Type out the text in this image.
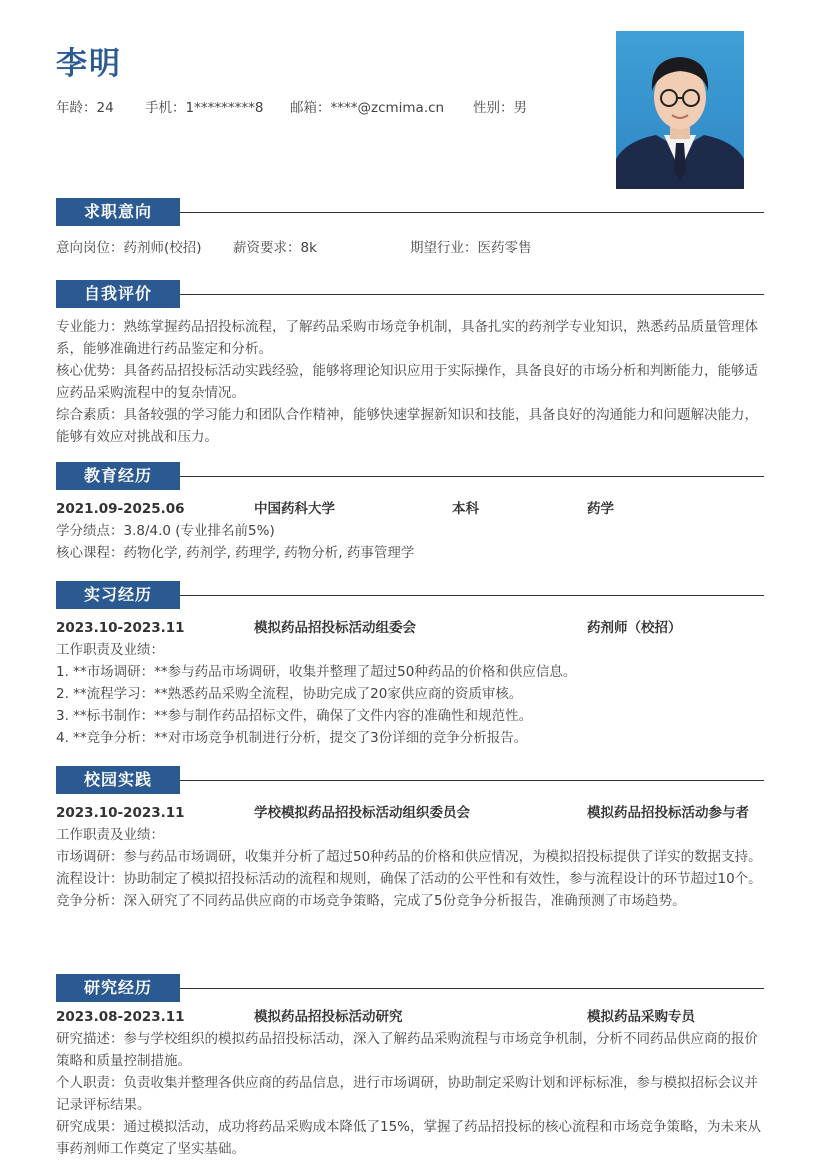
李明
年龄：24 手机：1*********8 邮箱：****@zcmima.cn 性别：男
求职意向
意向岗位：药剂师(校招) 薪资要求：8k	期望行业：医药零售
自我评价

专业能力：熟练掌握药品招投标流程，了解药品采购市场竞争机制，具备扎实的药剂学专业知识，熟悉药品质量管理体系，能够准确进行药品鉴定和分析。

核心优势：具备药品招投标活动实践经验，能够将理论知识应用于实际操作，具备良好的市场分析和判断能力，能够适应药品采购流程中的复杂情况。

综合素质：具备较强的学习能力和团队合作精神，能够快速掌握新知识和技能，具备良好的沟通能力和问题解决能力，能够有效应对挑战和压力。

教育经历
2021.09-2025.06	中国药科大学	本科	药学

学分绩点：3.8/4.0 (专业排名前5%)

核心课程：药物化学, 药剂学, 药理学, 药物分析, 药事管理学

实习经历
2023.10-2023.11	模拟药品招投标活动组委会	药剂师（校招）

工作职责及业绩：

1. **市场调研：**参与药品市场调研，收集并整理了超过50种药品的价格和供应信息。

2. **流程学习：**熟悉药品采购全流程，协助完成了20家供应商的资质审核。

3. **标书制作：**参与制作药品招标文件，确保了文件内容的准确性和规范性。

4. **竞争分析：**对市场竞争机制进行分析，提交了3份详细的竞争分析报告。

校园实践
2023.10-2023.11	学校模拟药品招投标活动组织委员会	模拟药品招投标活动参与者

工作职责及业绩：

市场调研：参与药品市场调研，收集并分析了超过50种药品的价格和供应情况，为模拟招投标提供了详实的数据支持。

流程设计：协助制定了模拟招投标活动的流程和规则，确保了活动的公平性和有效性，参与流程设计的环节超过10个。

竞争分析：深入研究了不同药品供应商的市场竞争策略，完成了5份竞争分析报告，准确预测了市场趋势。

研究经历
2023.08-2023.11	模拟药品招投标活动研究	模拟药品采购专员

研究描述：参与学校组织的模拟药品招投标活动，深入了解药品采购流程与市场竞争机制，分析不同药品供应商的报价策略和质量控制措施。

个人职责：负责收集并整理各供应商的药品信息，进行市场调研，协助制定采购计划和评标标准，参与模拟招标会议并记录评标结果。

研究成果：通过模拟活动，成功将药品采购成本降低了15%，掌握了药品招投标的核心流程和市场竞争策略，为未来从事药剂师工作奠定了坚实基础。
